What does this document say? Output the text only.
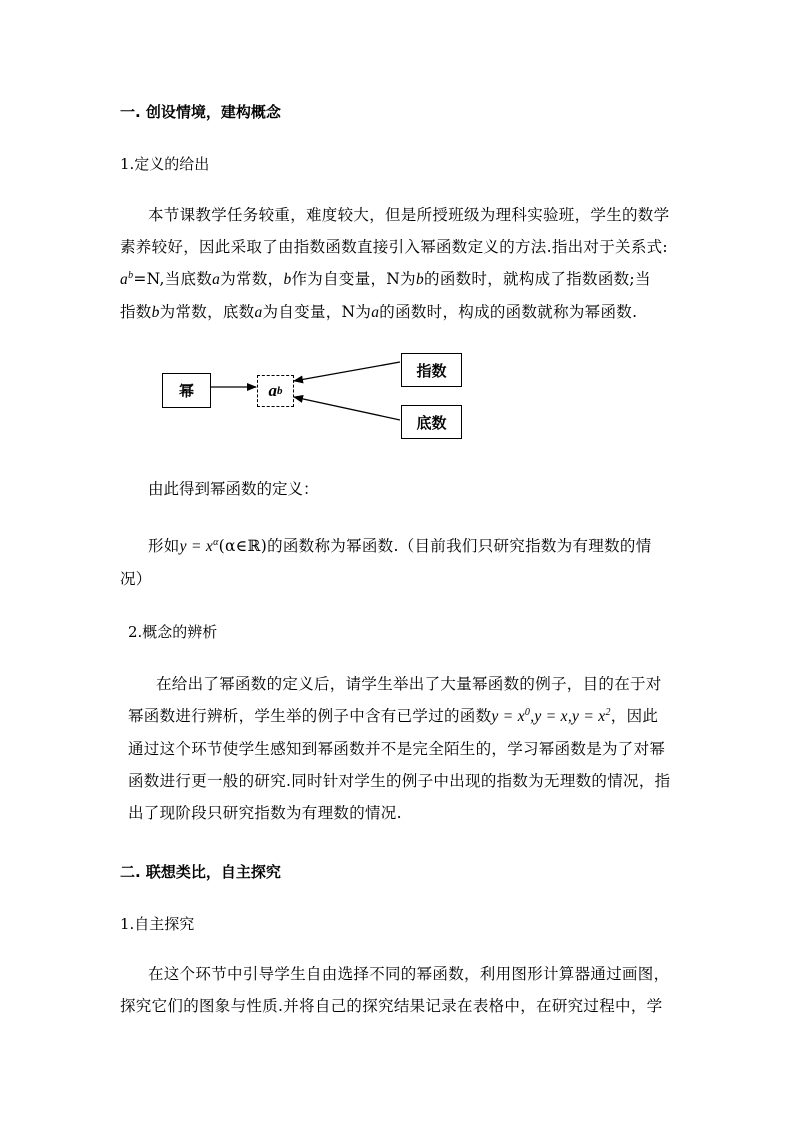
一. 创设情境，建构概念
1.定义的给出
本节课教学任务较重，难度较大，但是所授班级为理科实验班，学生的数学
素养较好，因此采取了由指数函数直接引入幂函数定义的方法.指出对于关系式:
$a^b=N$,当底数a为常数，b作为自变量，N为b的函数时，就构成了指数函数;当
指数b为常数，底数a为自变量，N为a的函数时，构成的函数就称为幂函数.
幂	a b
指数
底数
由此得到幂函数的定义：
形如$y = x^\alpha(\alpha\in ℝ)$的函数称为幂函数.（目前我们只研究指数为有理数的情
况）
2.概念的辨析
在给出了幂函数的定义后，请学生举出了大量幂函数的例子，目的在于对
幂函数进行辨析，学生举的例子中含有已学过的函数$y = x^0,y = x,y = x^2$，因此
通过这个环节使学生感知到幂函数并不是完全陌生的，学习幂函数是为了对幂
函数进行更一般的研究.同时针对学生的例子中出现的指数为无理数的情况，指
出了现阶段只研究指数为有理数的情况.
二. 联想类比，自主探究
1.自主探究
在这个环节中引导学生自由选择不同的幂函数，利用图形计算器通过画图，
探究它们的图象与性质.并将自己的探究结果记录在表格中，在研究过程中，学
